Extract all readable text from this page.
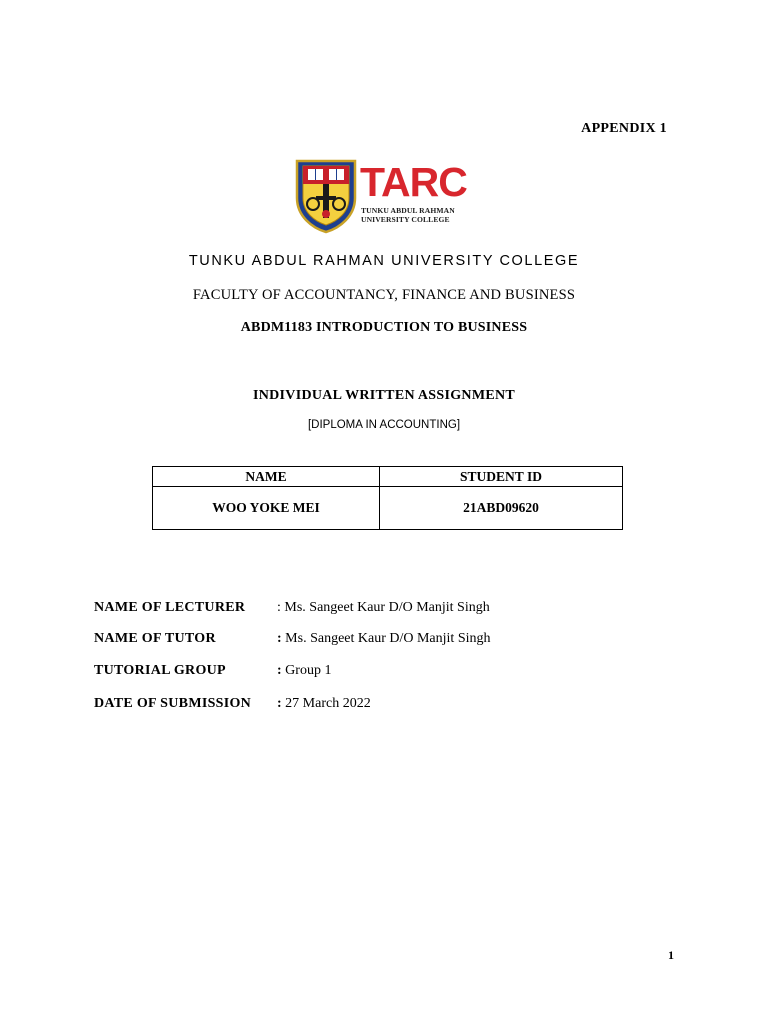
APPENDIX 1
TARC
TUNKU ABDUL RAHMAN
UNIVERSITY COLLEGE
TUNKU ABDUL RAHMAN UNIVERSITY COLLEGE
FACULTY OF ACCOUNTANCY, FINANCE AND BUSINESS
ABDM1183 INTRODUCTION TO BUSINESS
INDIVIDUAL WRITTEN ASSIGNMENT
[DIPLOMA IN ACCOUNTING]
NAME	STUDENT ID
WOO YOKE MEI	21ABD09620
NAME OF LECTURER : Ms. Sangeet Kaur D/O Manjit Singh
NAME OF TUTOR	: Ms. Sangeet Kaur D/O Manjit Singh
TUTORIAL GROUP	: Group 1
DATE OF SUBMISSION : 27 March 2022
1
